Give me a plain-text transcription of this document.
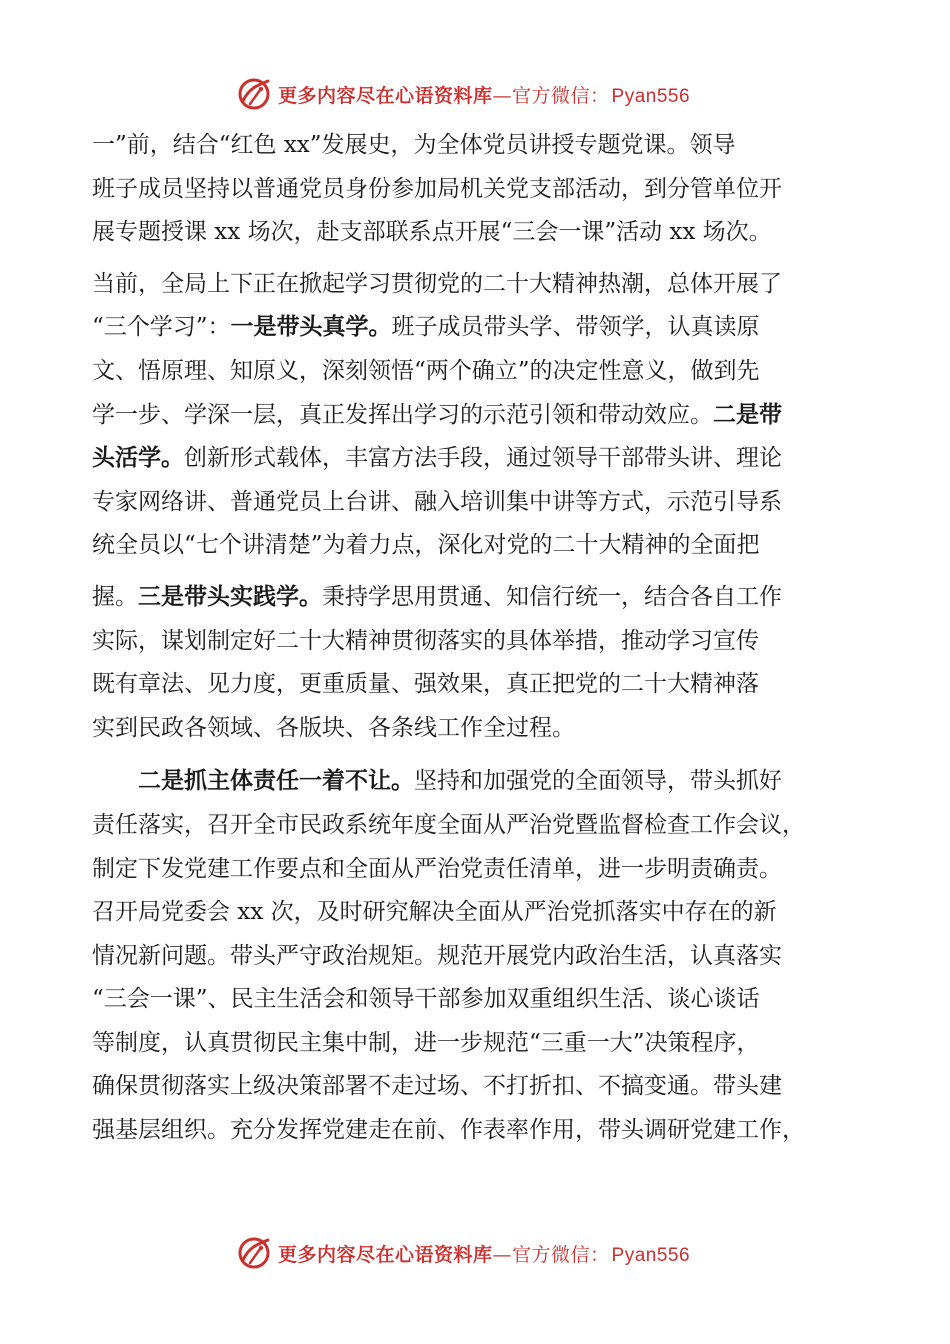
更多内容尽在心语资料库—官方微信： Pyan556
一”前，结合“红色 xx”发展史，为全体党员讲授专题党课。领导
班子成员坚持以普通党员身份参加局机关党支部活动，到分管单位开
展专题授课 xx 场次，赴支部联系点开展“三会一课”活动 xx 场次。
当前，全局上下正在掀起学习贯彻党的二十大精神热潮，总体开展了
“三个学习”：一是带头真学。班子成员带头学、带领学，认真读原
文、悟原理、知原义，深刻领悟“两个确立”的决定性意义，做到先
学一步、学深一层，真正发挥出学习的示范引领和带动效应。二是带
头活学。创新形式载体，丰富方法手段，通过领导干部带头讲、理论
专家网络讲、普通党员上台讲、融入培训集中讲等方式，示范引导系
统全员以“七个讲清楚”为着力点，深化对党的二十大精神的全面把
握。三是带头实践学。秉持学思用贯通、知信行统一，结合各自工作
实际，谋划制定好二十大精神贯彻落实的具体举措，推动学习宣传
既有章法、见力度，更重质量、强效果，真正把党的二十大精神落
实到民政各领域、各版块、各条线工作全过程。
二是抓主体责任一着不让。坚持和加强党的全面领导，带头抓好
责任落实，召开全市民政系统年度全面从严治党暨监督检查工作会议，
制定下发党建工作要点和全面从严治党责任清单，进一步明责确责。
召开局党委会 xx 次，及时研究解决全面从严治党抓落实中存在的新
情况新问题。带头严守政治规矩。规范开展党内政治生活，认真落实
“三会一课”、民主生活会和领导干部参加双重组织生活、谈心谈话
等制度，认真贯彻民主集中制，进一步规范“三重一大”决策程序，
确保贯彻落实上级决策部署不走过场、不打折扣、不搞变通。带头建
强基层组织。充分发挥党建走在前、作表率作用，带头调研党建工作，
更多内容尽在心语资料库—官方微信： Pyan556
